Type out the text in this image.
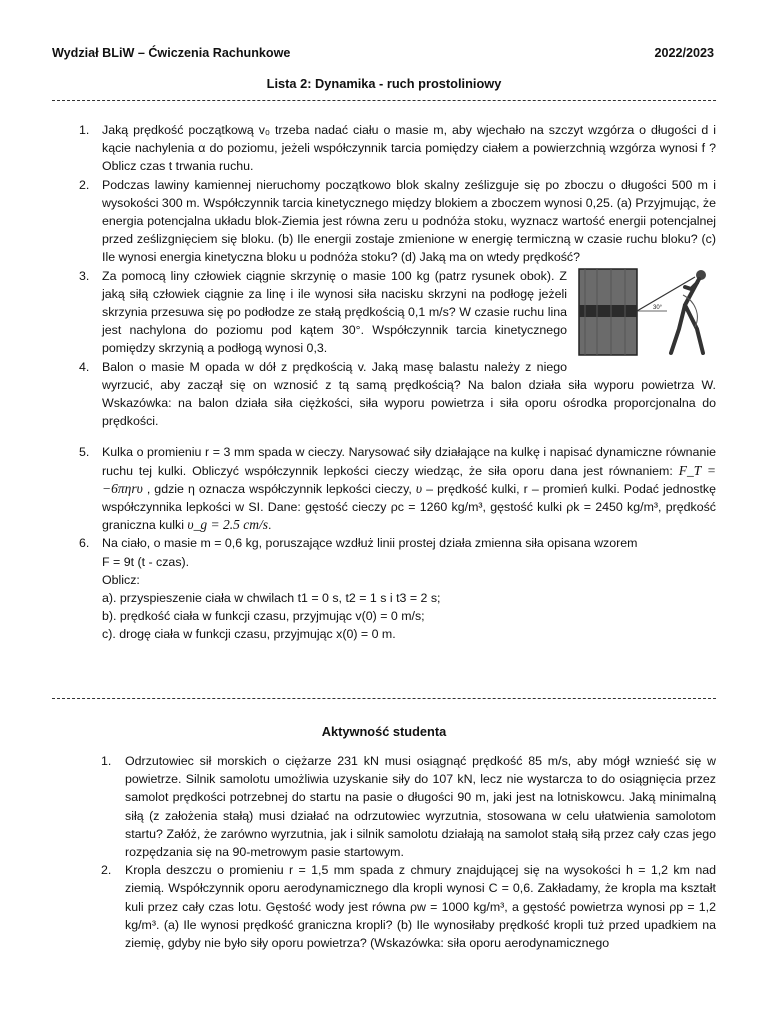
Wydział BLiW – Ćwiczenia Rachunkowe	2022/2023
Lista 2: Dynamika - ruch prostoliniowy
1. Jaką prędkość początkową v₀ trzeba nadać ciału o masie m, aby wjechało na szczyt wzgórza o długości d i kącie nachylenia α do poziomu, jeżeli współczynnik tarcia pomiędzy ciałem a powierzchnią wzgórza wynosi f ? Oblicz czas t trwania ruchu.

2. Podczas lawiny kamiennej nieruchomy początkowo blok skalny ześlizguje się po zboczu o długości 500 m i wysokości 300 m. Współczynnik tarcia kinetycznego między blokiem a zboczem wynosi 0,25. (a) Przyjmując, że energia potencjalna układu blok-Ziemia jest równa zeru u podnóża stoku, wyznacz wartość energii potencjalnej przed ześlizgnięciem się bloku. (b) Ile energii zostaje zmienione w energię termiczną w czasie ruchu bloku? (c) Ile wynosi energia kinetyczna bloku u podnóża stoku? (d) Jaką ma on wtedy prędkość?

3.
30°

Za pomocą liny człowiek ciągnie skrzynię o masie 100 kg (patrz rysunek obok). Z jaką siłą człowiek ciągnie za linę i ile wynosi siła nacisku skrzyni na podłogę jeżeli skrzynia przesuwa się po podłodze ze stałą prędkością 0,1 m/s? W czasie ruchu lina jest nachylona do poziomu pod kątem 30°. Współczynnik tarcia kinetycznego pomiędzy skrzynią a podłogą wynosi 0,3.

4. Balon o masie M opada w dół z prędkością v. Jaką masę balastu należy z niego wyrzucić, aby zaczął się on wznosić z tą samą prędkością? Na balon działa siła wyporu powietrza W. Wskazówka: na balon działa siła ciężkości, siła wyporu powietrza i siła oporu ośrodka proporcjonalna do prędkości.

5. Kulka o promieniu r = 3 mm spada w cieczy. Narysować siły działające na kulkę i napisać dynamiczne równanie ruchu tej kulki. Obliczyć współczynnik lepkości cieczy wiedząc, że siła oporu dana jest równaniem: F_T = −6πηrυ , gdzie η oznacza współczynnik lepkości cieczy, υ – prędkość kulki, r – promień kulki. Podać jednostkę współczynnika lepkości w SI. Dane: gęstość cieczy ρc = 1260 kg/m³, gęstość kulki ρk = 2450 kg/m³, prędkość graniczna kulki υ_g = 2.5 cm/s.

6. Na ciało, o masie m = 0,6 kg, poruszające wzdłuż linii prostej działa zmienna siła opisana wzorem

F = 9t (t - czas).

Oblicz:

a). przyspieszenie ciała w chwilach t1 = 0 s, t2 = 1 s i t3 = 2 s;

b). prędkość ciała w funkcji czasu, przyjmując v(0) = 0 m/s;

c). drogę ciała w funkcji czasu, przyjmując x(0) = 0 m.

Aktywność studenta
1. Odrzutowiec sił morskich o ciężarze 231 kN musi osiągnąć prędkość 85 m/s, aby mógł wznieść się w powietrze. Silnik samolotu umożliwia uzyskanie siły do 107 kN, lecz nie wystarcza to do osiągnięcia przez samolot prędkości potrzebnej do startu na pasie o długości 90 m, jaki jest na lotniskowcu. Jaką minimalną siłą (z założenia stałą) musi działać na odrzutowiec wyrzutnia, stosowana w celu ułatwienia samolotom startu? Załóż, że zarówno wyrzutnia, jak i silnik samolotu działają na samolot stałą siłą przez cały czas jego rozpędzania się na 90-metrowym pasie startowym.

2. Kropla deszczu o promieniu r = 1,5 mm spada z chmury znajdującej się na wysokości h = 1,2 km nad ziemią. Współczynnik oporu aerodynamicznego dla kropli wynosi C = 0,6. Zakładamy, że kropla ma kształt kuli przez cały czas lotu. Gęstość wody jest równa ρw = 1000 kg/m³, a gęstość powietrza wynosi ρp = 1,2 kg/m³. (a) Ile wynosi prędkość graniczna kropli? (b) Ile wynosiłaby prędkość kropli tuż przed upadkiem na ziemię, gdyby nie było siły oporu powietrza? (Wskazówka: siła oporu aerodynamicznego
